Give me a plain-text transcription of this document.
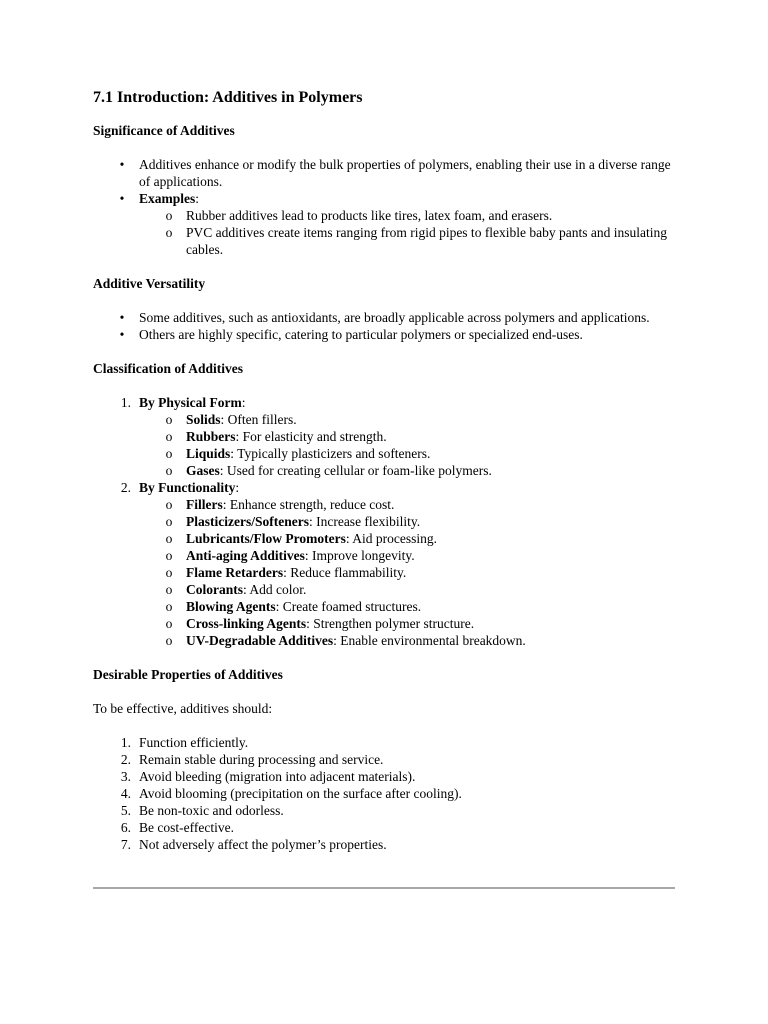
7.1 Introduction: Additives in Polymers
Significance of Additives
•	Additives enhance or modify the bulk properties of polymers, enabling their use in a diverse range of applications.
•	Examples:
o Rubber additives lead to products like tires, latex foam, and erasers.
o PVC additives create items ranging from rigid pipes to flexible baby pants and insulating cables.
Additive Versatility
•	Some additives, such as antioxidants, are broadly applicable across polymers and applications.
•	Others are highly specific, catering to particular polymers or specialized end-uses.
Classification of Additives
1. By Physical Form:
o Solids: Often fillers.
o Rubbers: For elasticity and strength.
o Liquids: Typically plasticizers and softeners.
o Gases: Used for creating cellular or foam-like polymers.
2. By Functionality:
o Fillers: Enhance strength, reduce cost.
o Plasticizers/Softeners: Increase flexibility.
o Lubricants/Flow Promoters: Aid processing.
o Anti-aging Additives: Improve longevity.
o Flame Retarders: Reduce flammability.
o Colorants: Add color.
o Blowing Agents: Create foamed structures.
o Cross-linking Agents: Strengthen polymer structure.
o UV-Degradable Additives: Enable environmental breakdown.
Desirable Properties of Additives

To be effective, additives should:

1. Function efficiently.
2. Remain stable during processing and service.
3. Avoid bleeding (migration into adjacent materials).
4. Avoid blooming (precipitation on the surface after cooling).
5. Be non-toxic and odorless.
6. Be cost-effective.
7. Not adversely affect the polymer’s properties.
